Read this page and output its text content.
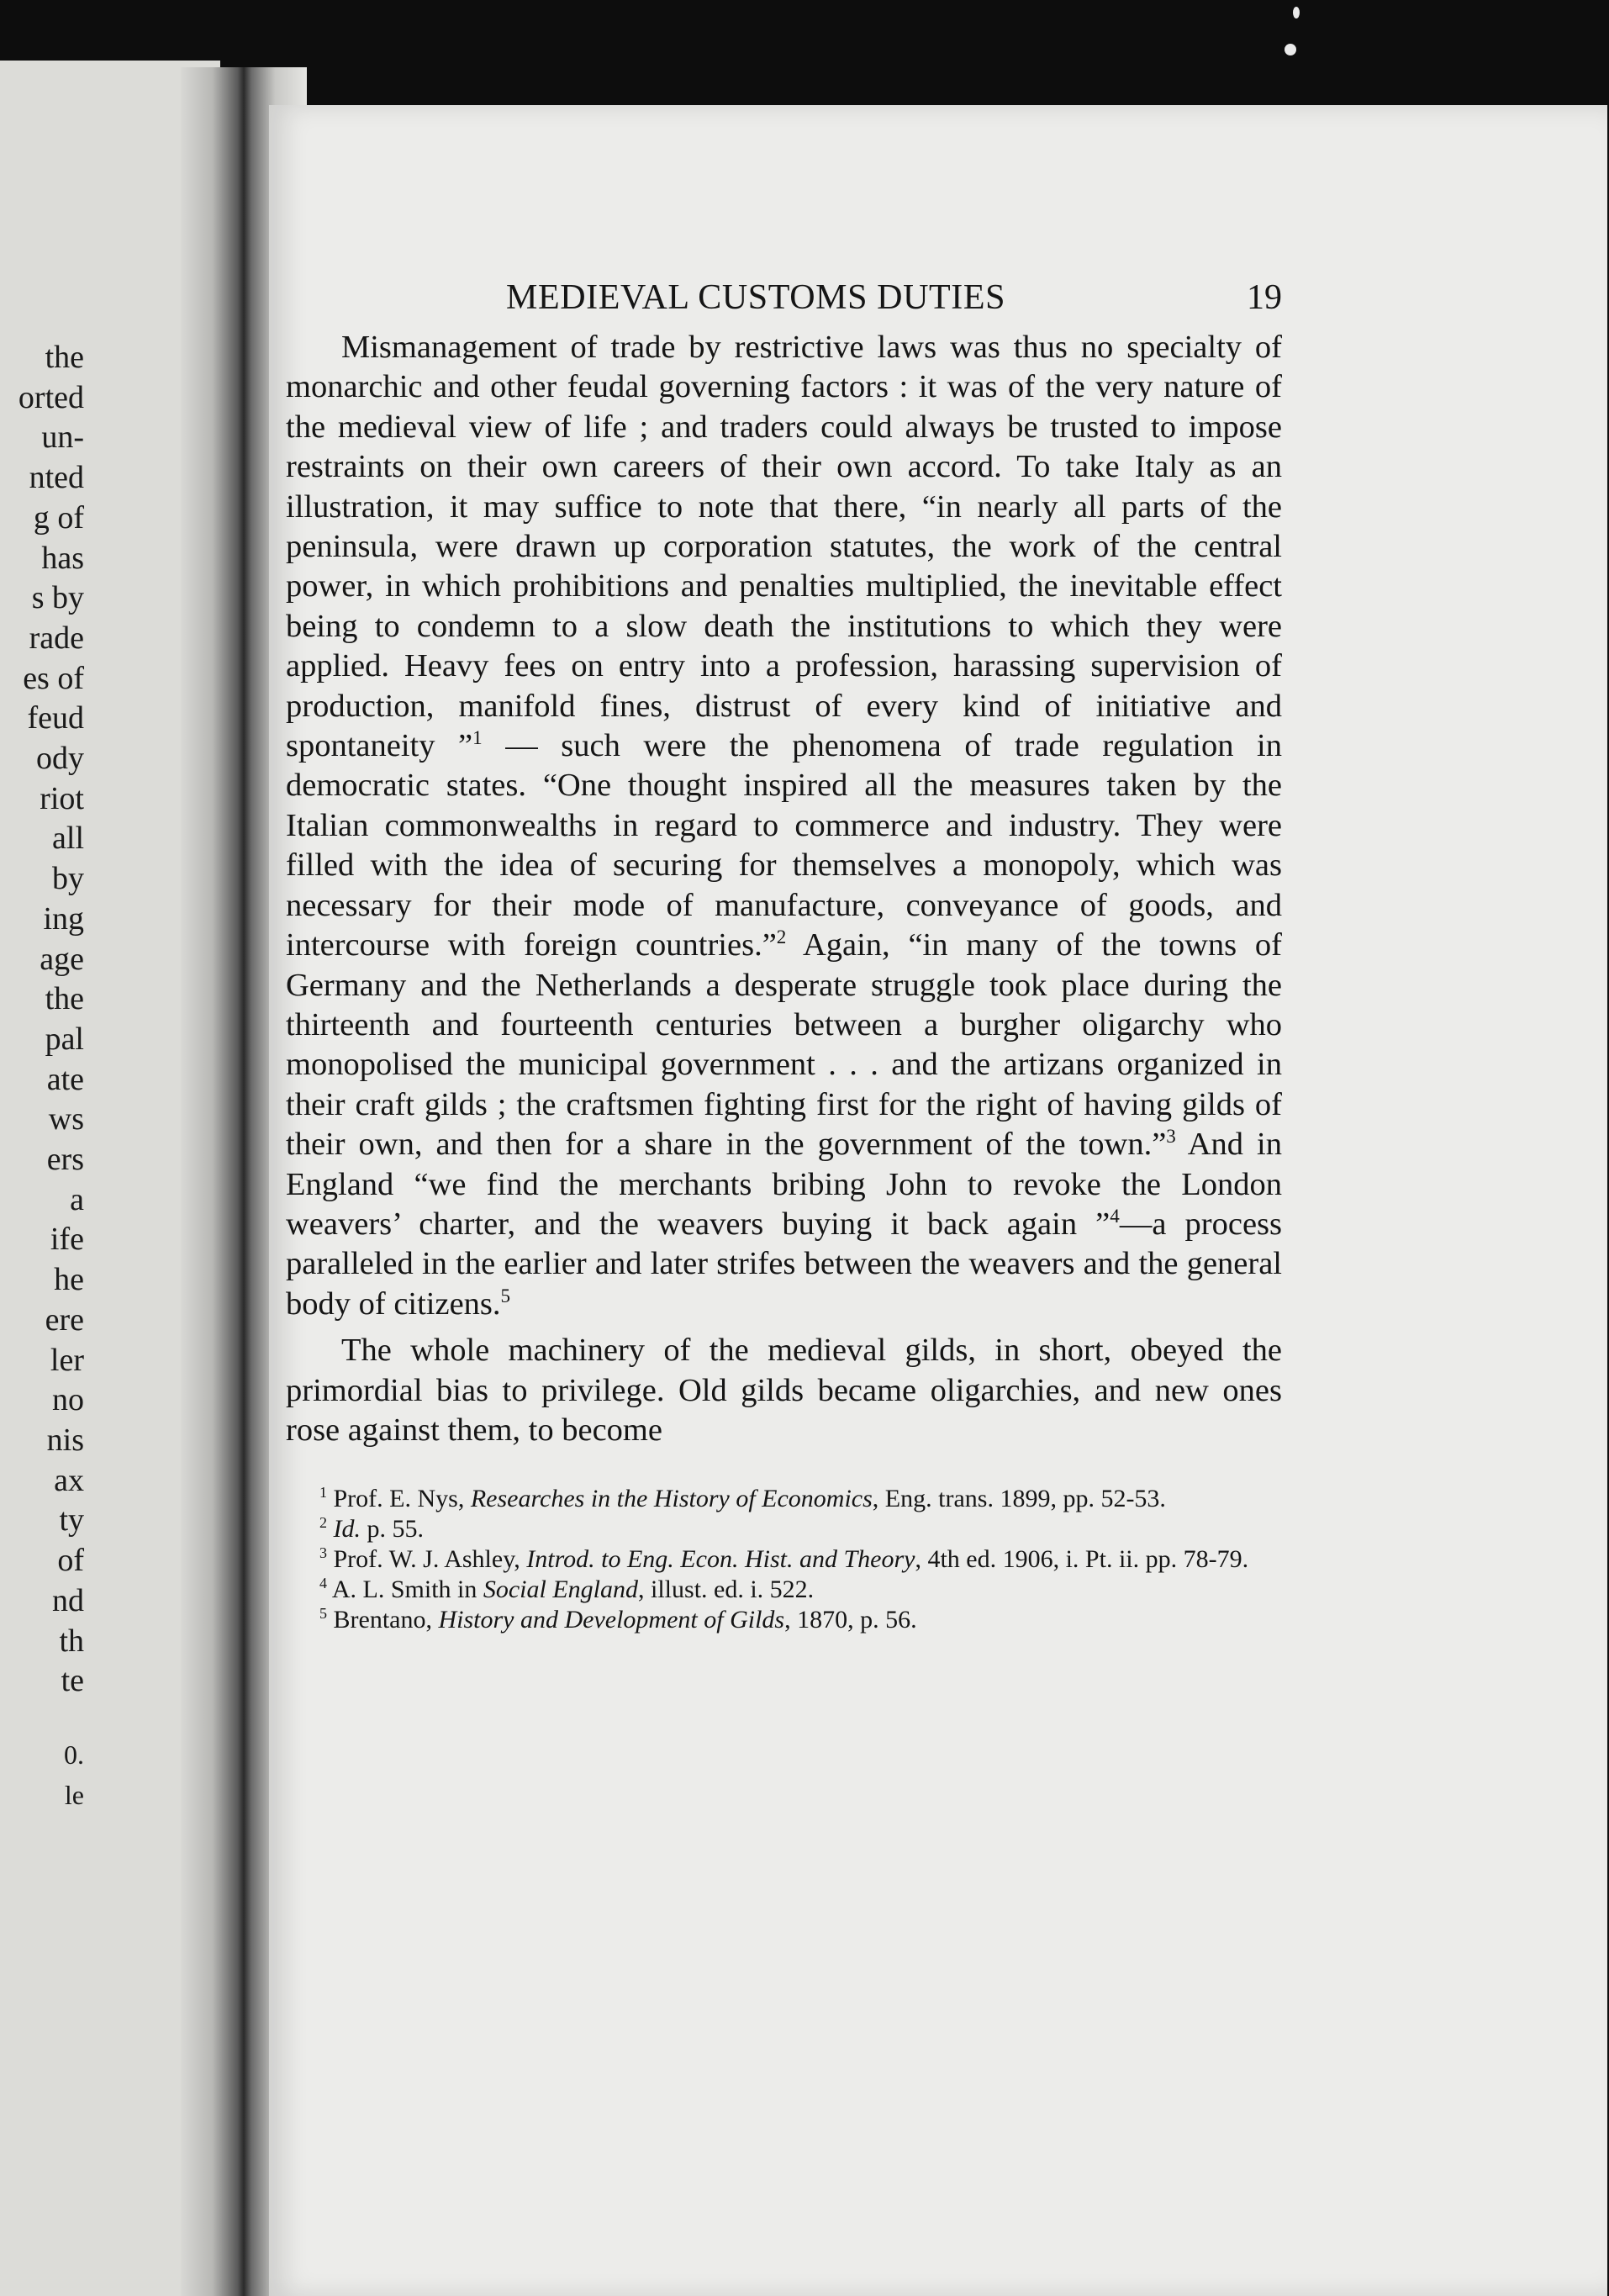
the
orted
un-
nted
g of
has
s by
rade
es of
feud
ody
riot
all
by
ing
age
the
pal
ate
ws
ers
a
ife
he
ere
ler
no
nis
ax
ty
of
nd
th
te
0.
le
MEDIEVAL CUSTOMS DUTIES	19

Mismanagement of trade by restrictive laws was thus no specialty of monarchic and other feudal governing factors : it was of the very nature of the medieval view of life ; and traders could always be trusted to impose restraints on their own careers of their own accord. To take Italy as an illustration, it may suffice to note that there, “in nearly all parts of the peninsula, were drawn up corporation statutes, the work of the central power, in which prohibitions and penalties multiplied, the inevitable effect being to condemn to a slow death the institutions to which they were applied. Heavy fees on entry into a profession, harassing supervision of production, manifold fines, distrust of every kind of initiative and spontaneity ”$^1$ — such were the phenomena of trade regulation in democratic states. “One thought inspired all the measures taken by the Italian commonwealths in regard to commerce and industry. They were filled with the idea of securing for themselves a monopoly, which was necessary for their mode of manufacture, conveyance of goods, and intercourse with foreign countries.”$^2$ Again, “in many of the towns of Germany and the Netherlands a desperate struggle took place during the thirteenth and fourteenth centuries between a burgher oligarchy who monopolised the municipal government . . . and the artizans organized in their craft gilds ; the craftsmen fighting first for the right of having gilds of their own, and then for a share in the government of the town.”$^3$ And in England “we find the merchants bribing John to revoke the London weavers’ charter, and the weavers buying it back again ”$^4$—a process paralleled in the earlier and later strifes between the weavers and the general body of citizens.$^5$

The whole machinery of the medieval gilds, in short, obeyed the primordial bias to privilege. Old gilds became oligarchies, and new ones rose against them, to become

$^1$ Prof. E. Nys, Researches in the History of Economics, Eng. trans. 1899, pp. 52-53.

$^2$ Id. p. 55.

$^3$ Prof. W. J. Ashley, Introd. to Eng. Econ. Hist. and Theory, 4th ed. 1906, i. Pt. ii. pp. 78-79.

$^4$ A. L. Smith in Social England, illust. ed. i. 522.

$^5$ Brentano, History and Development of Gilds, 1870, p. 56.
